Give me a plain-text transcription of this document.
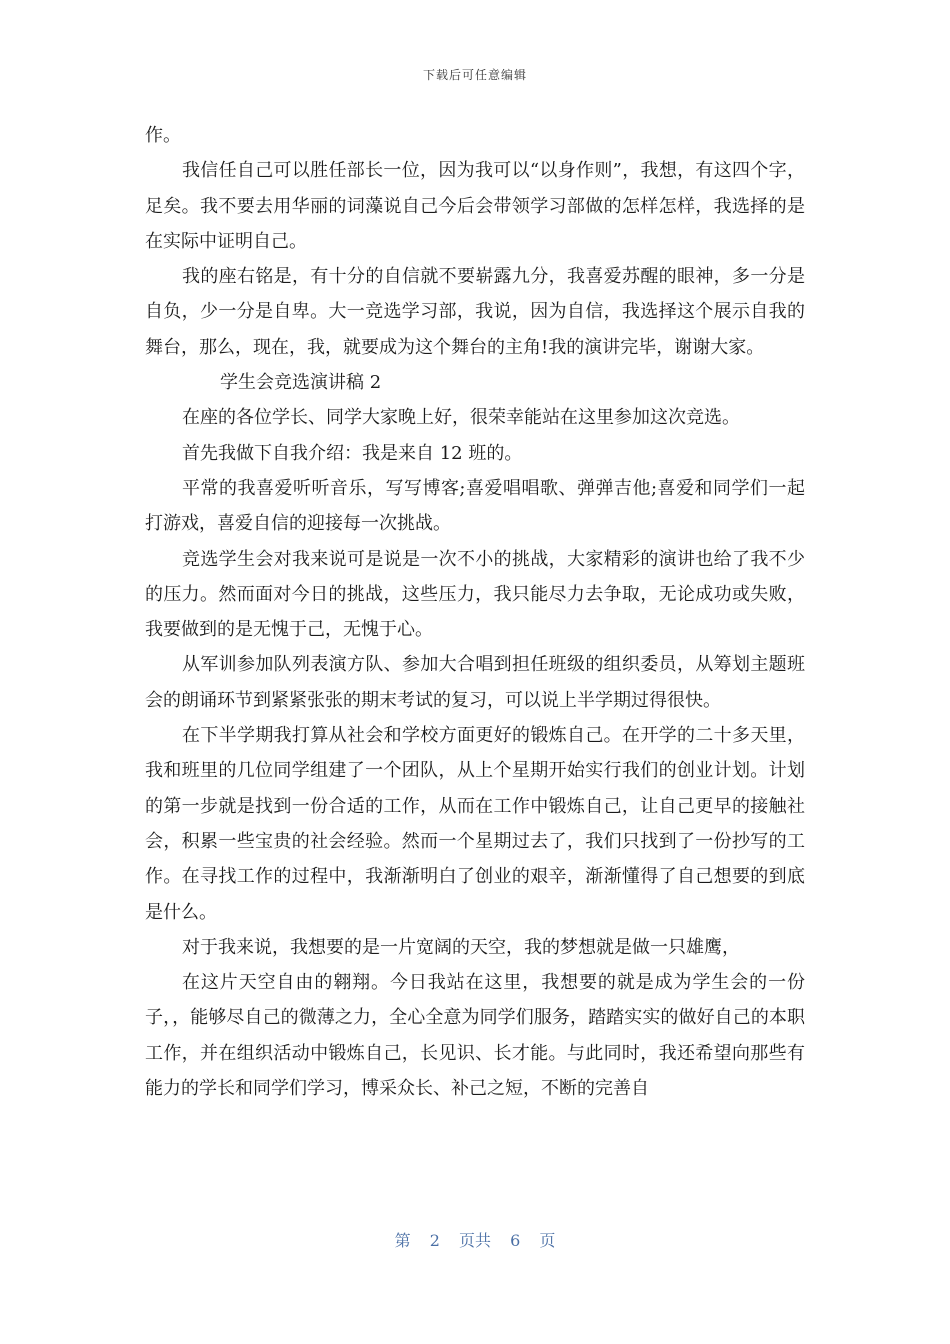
下载后可任意编辑

作。

我信任自己可以胜任部长一位，因为我可以“以身作则”，我想，有这四个字，足矣。我不要去用华丽的词藻说自己今后会带领学习部做的怎样怎样，我选择的是在实际中证明自己。

我的座右铭是，有十分的自信就不要崭露九分，我喜爱苏醒的眼神，多一分是自负，少一分是自卑。大一竞选学习部，我说，因为自信，我选择这个展示自我的舞台，那么，现在，我，就要成为这个舞台的主角!我的演讲完毕，谢谢大家。

学生会竞选演讲稿 2

在座的各位学长、同学大家晚上好，很荣幸能站在这里参加这次竞选。

首先我做下自我介绍：我是来自 12 班的。

平常的我喜爱听听音乐，写写博客;喜爱唱唱歌、弹弹吉他;喜爱和同学们一起打游戏，喜爱自信的迎接每一次挑战。

竞选学生会对我来说可是说是一次不小的挑战，大家精彩的演讲也给了我不少的压力。然而面对今日的挑战，这些压力，我只能尽力去争取，无论成功或失败，我要做到的是无愧于己，无愧于心。

从军训参加队列表演方队、参加大合唱到担任班级的组织委员，从筹划主题班会的朗诵环节到紧紧张张的期末考试的复习，可以说上半学期过得很快。

在下半学期我打算从社会和学校方面更好的锻炼自己。在开学的二十多天里，我和班里的几位同学组建了一个团队，从上个星期开始实行我们的创业计划。计划的第一步就是找到一份合适的工作，从而在工作中锻炼自己，让自己更早的接触社会，积累一些宝贵的社会经验。然而一个星期过去了，我们只找到了一份抄写的工作。在寻找工作的过程中，我渐渐明白了创业的艰辛，渐渐懂得了自己想要的到底是什么。

对于我来说，我想要的是一片宽阔的天空，我的梦想就是做一只雄鹰，

在这片天空自由的翱翔。今日我站在这里，我想要的就是成为学生会的一份子，，能够尽自己的微薄之力，全心全意为同学们服务，踏踏实实的做好自己的本职工作，并在组织活动中锻炼自己，长见识、长才能。与此同时，我还希望向那些有能力的学长和同学们学习，博采众长、补己之短，不断的完善自

第 2 页共 6 页
